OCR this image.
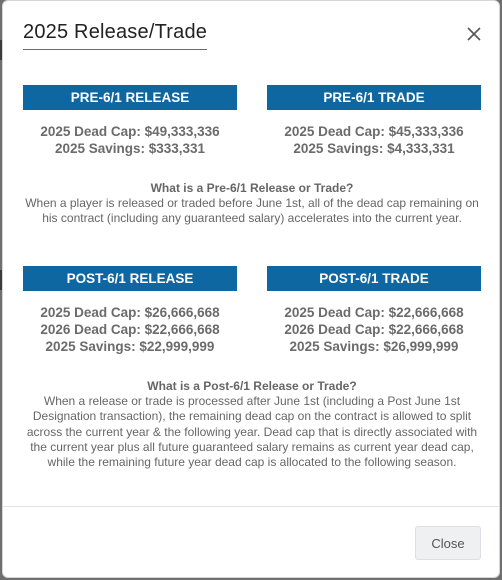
2025 Release/Trade
PRE-6/1 RELEASE
2025 Dead Cap: $49,333,336
2025 Savings: $333,331
PRE-6/1 TRADE
2025 Dead Cap: $45,333,336
2025 Savings: $4,333,331
What is a Pre-6/1 Release or Trade?
When a player is released or traded before June 1st, all of the dead cap remaining on his contract (including any guaranteed salary) accelerates into the current year.
POST-6/1 RELEASE
2025 Dead Cap: $26,666,668
2026 Dead Cap: $22,666,668
2025 Savings: $22,999,999
POST-6/1 TRADE
2025 Dead Cap: $22,666,668
2026 Dead Cap: $22,666,668
2025 Savings: $26,999,999
What is a Post-6/1 Release or Trade?
When a release or trade is processed after June 1st (including a Post June 1st Designation transaction), the remaining dead cap on the contract is allowed to split across the current year & the following year. Dead cap that is directly associated with the current year plus all future guaranteed salary remains as current year dead cap, while the remaining future year dead cap is allocated to the following season.
Close
